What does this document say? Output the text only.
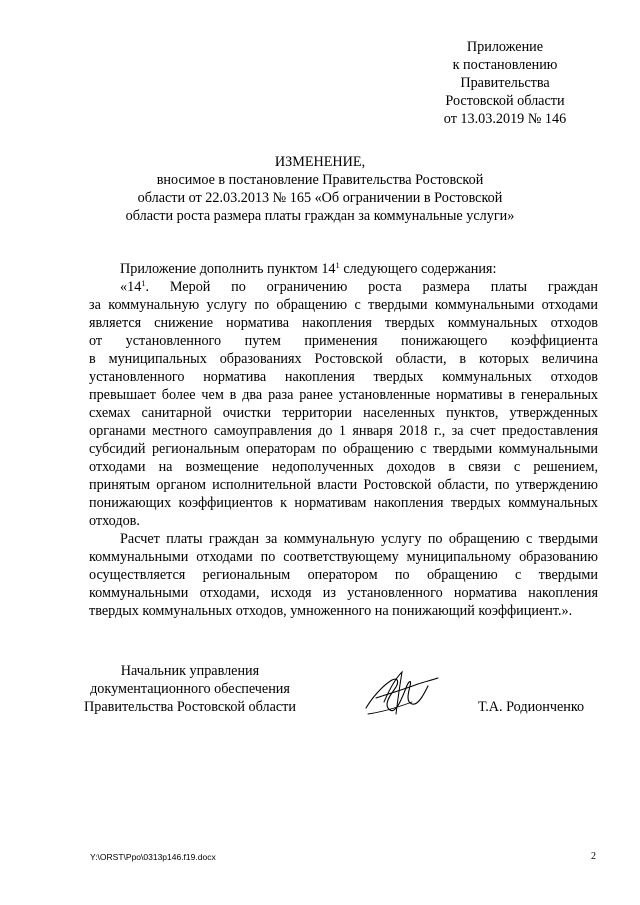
Приложение
к постановлению
Правительства
Ростовской области
от 13.03.2019 № 146
ИЗМЕНЕНИЕ,
вносимое в постановление Правительства Ростовской
области от 22.03.2013 № 165 «Об ограничении в Ростовской
области роста размера платы граждан за коммунальные услуги»
Приложение дополнить пунктом $14^1$ следующего содержания:
«$14^1$. Мерой по ограничению роста размера платы граждан
за коммунальную услугу по обращению с твердыми коммунальными отходами
является снижение норматива накопления твердых коммунальных отходов
от установленного путем применения понижающего коэффициента
в муниципальных образованиях Ростовской области, в которых величина
установленного норматива накопления твердых коммунальных отходов
превышает более чем в два раза ранее установленные нормативы в генеральных
схемах санитарной очистки территории населенных пунктов, утвержденных
органами местного самоуправления до 1 января 2018 г., за счет предоставления
субсидий региональным операторам по обращению с твердыми коммунальными
отходами на возмещение недополученных доходов в связи с решением,
принятым органом исполнительной власти Ростовской области, по утверждению
понижающих коэффициентов к нормативам накопления твердых коммунальных
отходов.
Расчет платы граждан за коммунальную услугу по обращению с твердыми
коммунальными отходами по соответствующему муниципальному образованию
осуществляется региональным оператором по обращению с твердыми
коммунальными отходами, исходя из установленного норматива накопления
твердых коммунальных отходов, умноженного на понижающий коэффициент.».
Начальник управления
документационного обеспечения
Правительства Ростовской области	Т.А. Родионченко
Y:\ORST\Ppo\0313p146.f19.docx	2
